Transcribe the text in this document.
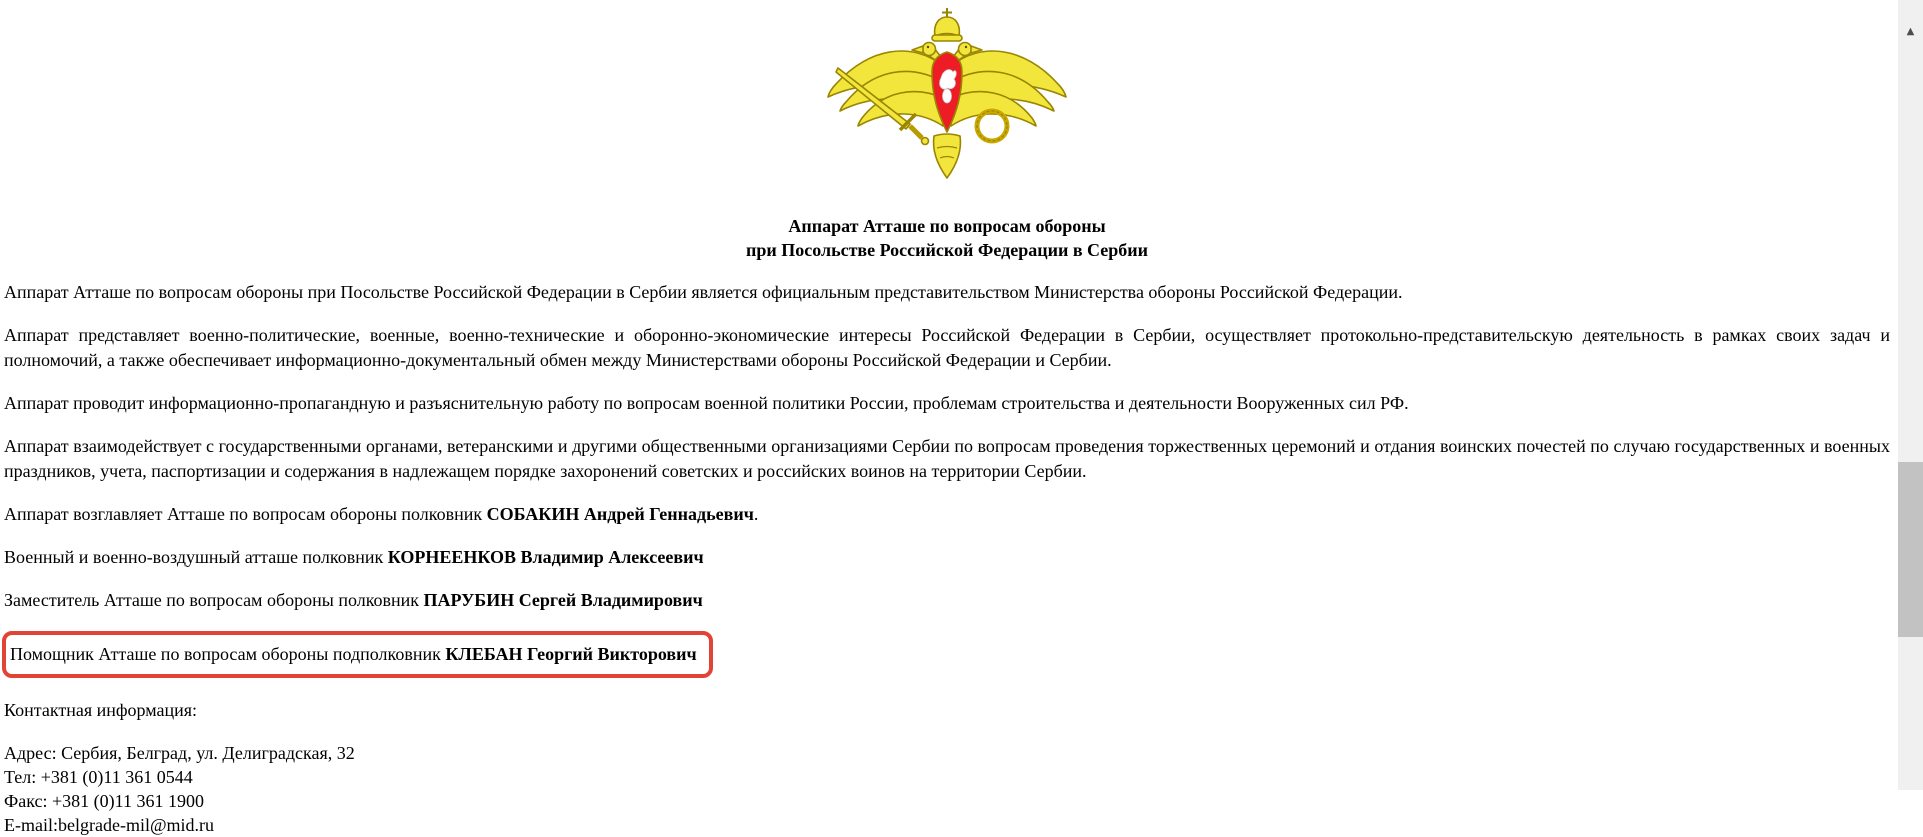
Аппарат Атташе по вопросам обороны
при Посольстве Российской Федерации в Сербии

Аппарат Атташе по вопросам обороны при Посольстве Российской Федерации в Сербии является официальным представительством Министерства обороны Российской Федерации.

Аппарат представляет военно-политические, военные, военно-технические и оборонно-экономические интересы Российской Федерации в Сербии, осуществляет протокольно-представительскую деятельность в рамках своих задач и полномочий, а также обеспечивает информационно-документальный обмен между Министерствами обороны Российской Федерации и Сербии.

Аппарат проводит информационно-пропагандную и разъяснительную работу по вопросам военной политики России, проблемам строительства и деятельности Вооруженных сил РФ.

Аппарат взаимодействует с государственными органами, ветеранскими и другими общественными организациями Сербии по вопросам проведения торжественных церемоний и отдания воинских почестей по случаю государственных и военных праздников, учета, паспортизации и содержания в надлежащем порядке захоронений советских и российских воинов на территории Сербии.

Аппарат возглавляет Атташе по вопросам обороны полковник СОБАКИН Андрей Геннадьевич.

Военный и военно-воздушный атташе полковник КОРНЕЕНКОВ Владимир Алексеевич

Заместитель Атташе по вопросам обороны полковник ПАРУБИН Сергей Владимирович

Помощник Атташе по вопросам обороны подполковник КЛЕБАН Георгий Викторович

Контактная информация:

Адрес: Сербия, Белград, ул. Делиградская, 32
Тел: +381 (0)11 361 0544
Факс: +381 (0)11 361 1900
E-mail:belgrade-mil@mid.ru
▲
